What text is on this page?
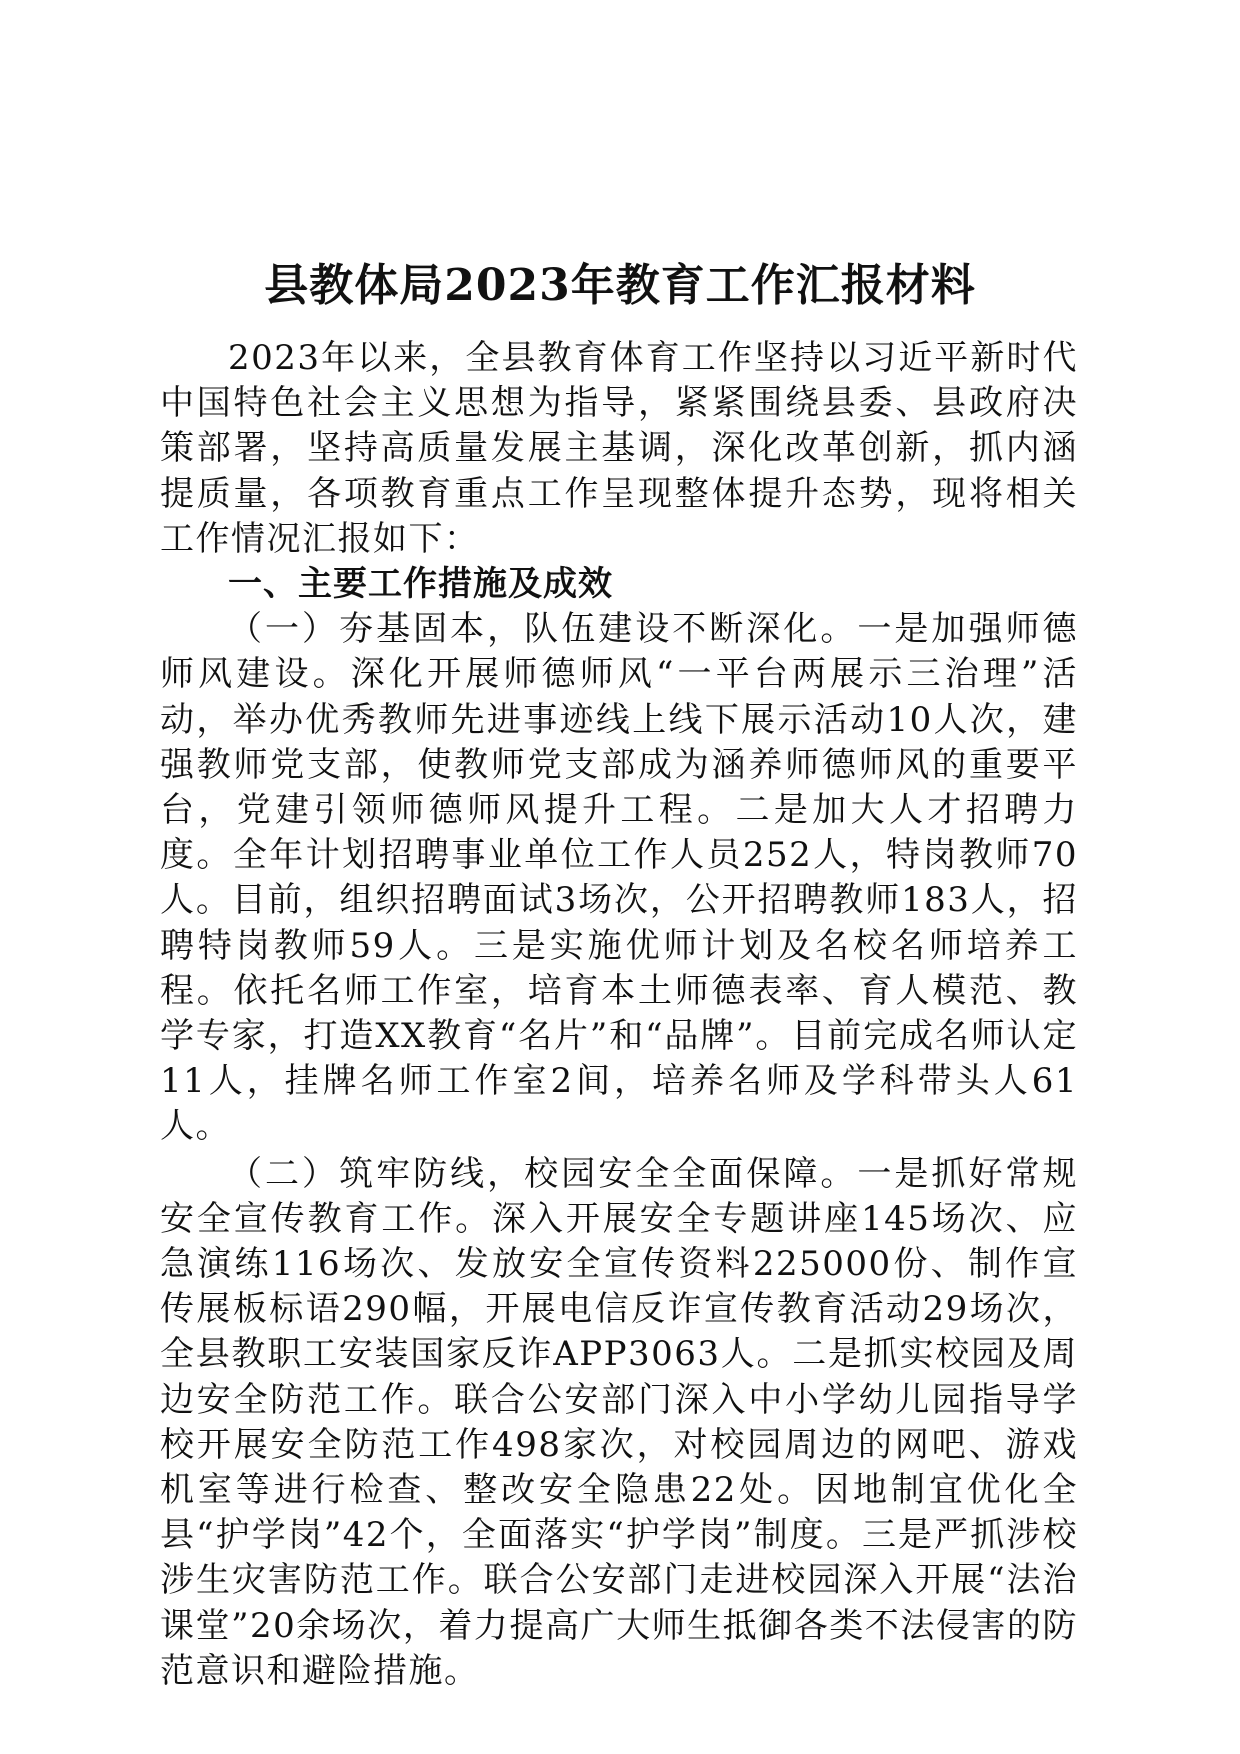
县教体局2023年教育工作汇报材料

2023年以来，全县教育体育工作坚持以习近平新时代中国特色社会主义思想为指导，紧紧围绕县委、县政府决策部署，坚持高质量发展主基调，深化改革创新，抓内涵提质量，各项教育重点工作呈现整体提升态势，现将相关工作情况汇报如下：

一、主要工作措施及成效

（一）夯基固本，队伍建设不断深化。一是加强师德师风建设。深化开展师德师风“一平台两展示三治理”活动，举办优秀教师先进事迹线上线下展示活动10人次，建强教师党支部，使教师党支部成为涵养师德师风的重要平台，党建引领师德师风提升工程。二是加大人才招聘力度。全年计划招聘事业单位工作人员252人，特岗教师70人。目前，组织招聘面试3场次，公开招聘教师183人，招聘特岗教师59人。三是实施优师计划及名校名师培养工程。依托名师工作室，培育本土师德表率、育人模范、教学专家，打造XX教育“名片”和“品牌”。目前完成名师认定11人，挂牌名师工作室2间，培养名师及学科带头人61人。

（二）筑牢防线，校园安全全面保障。一是抓好常规安全宣传教育工作。深入开展安全专题讲座145场次、应急演练116场次、发放安全宣传资料225000份、制作宣传展板标语290幅，开展电信反诈宣传教育活动29场次，全县教职工安装国家反诈APP3063人。二是抓实校园及周边安全防范工作。联合公安部门深入中小学幼儿园指导学校开展安全防范工作498家次，对校园周边的网吧、游戏机室等进行检查、整改安全隐患22处。因地制宜优化全县“护学岗”42个，全面落实“护学岗”制度。三是严抓涉校涉生灾害防范工作。联合公安部门走进校园深入开展“法治课堂”20余场次，着力提高广大师生抵御各类不法侵害的防范意识和避险措施。
